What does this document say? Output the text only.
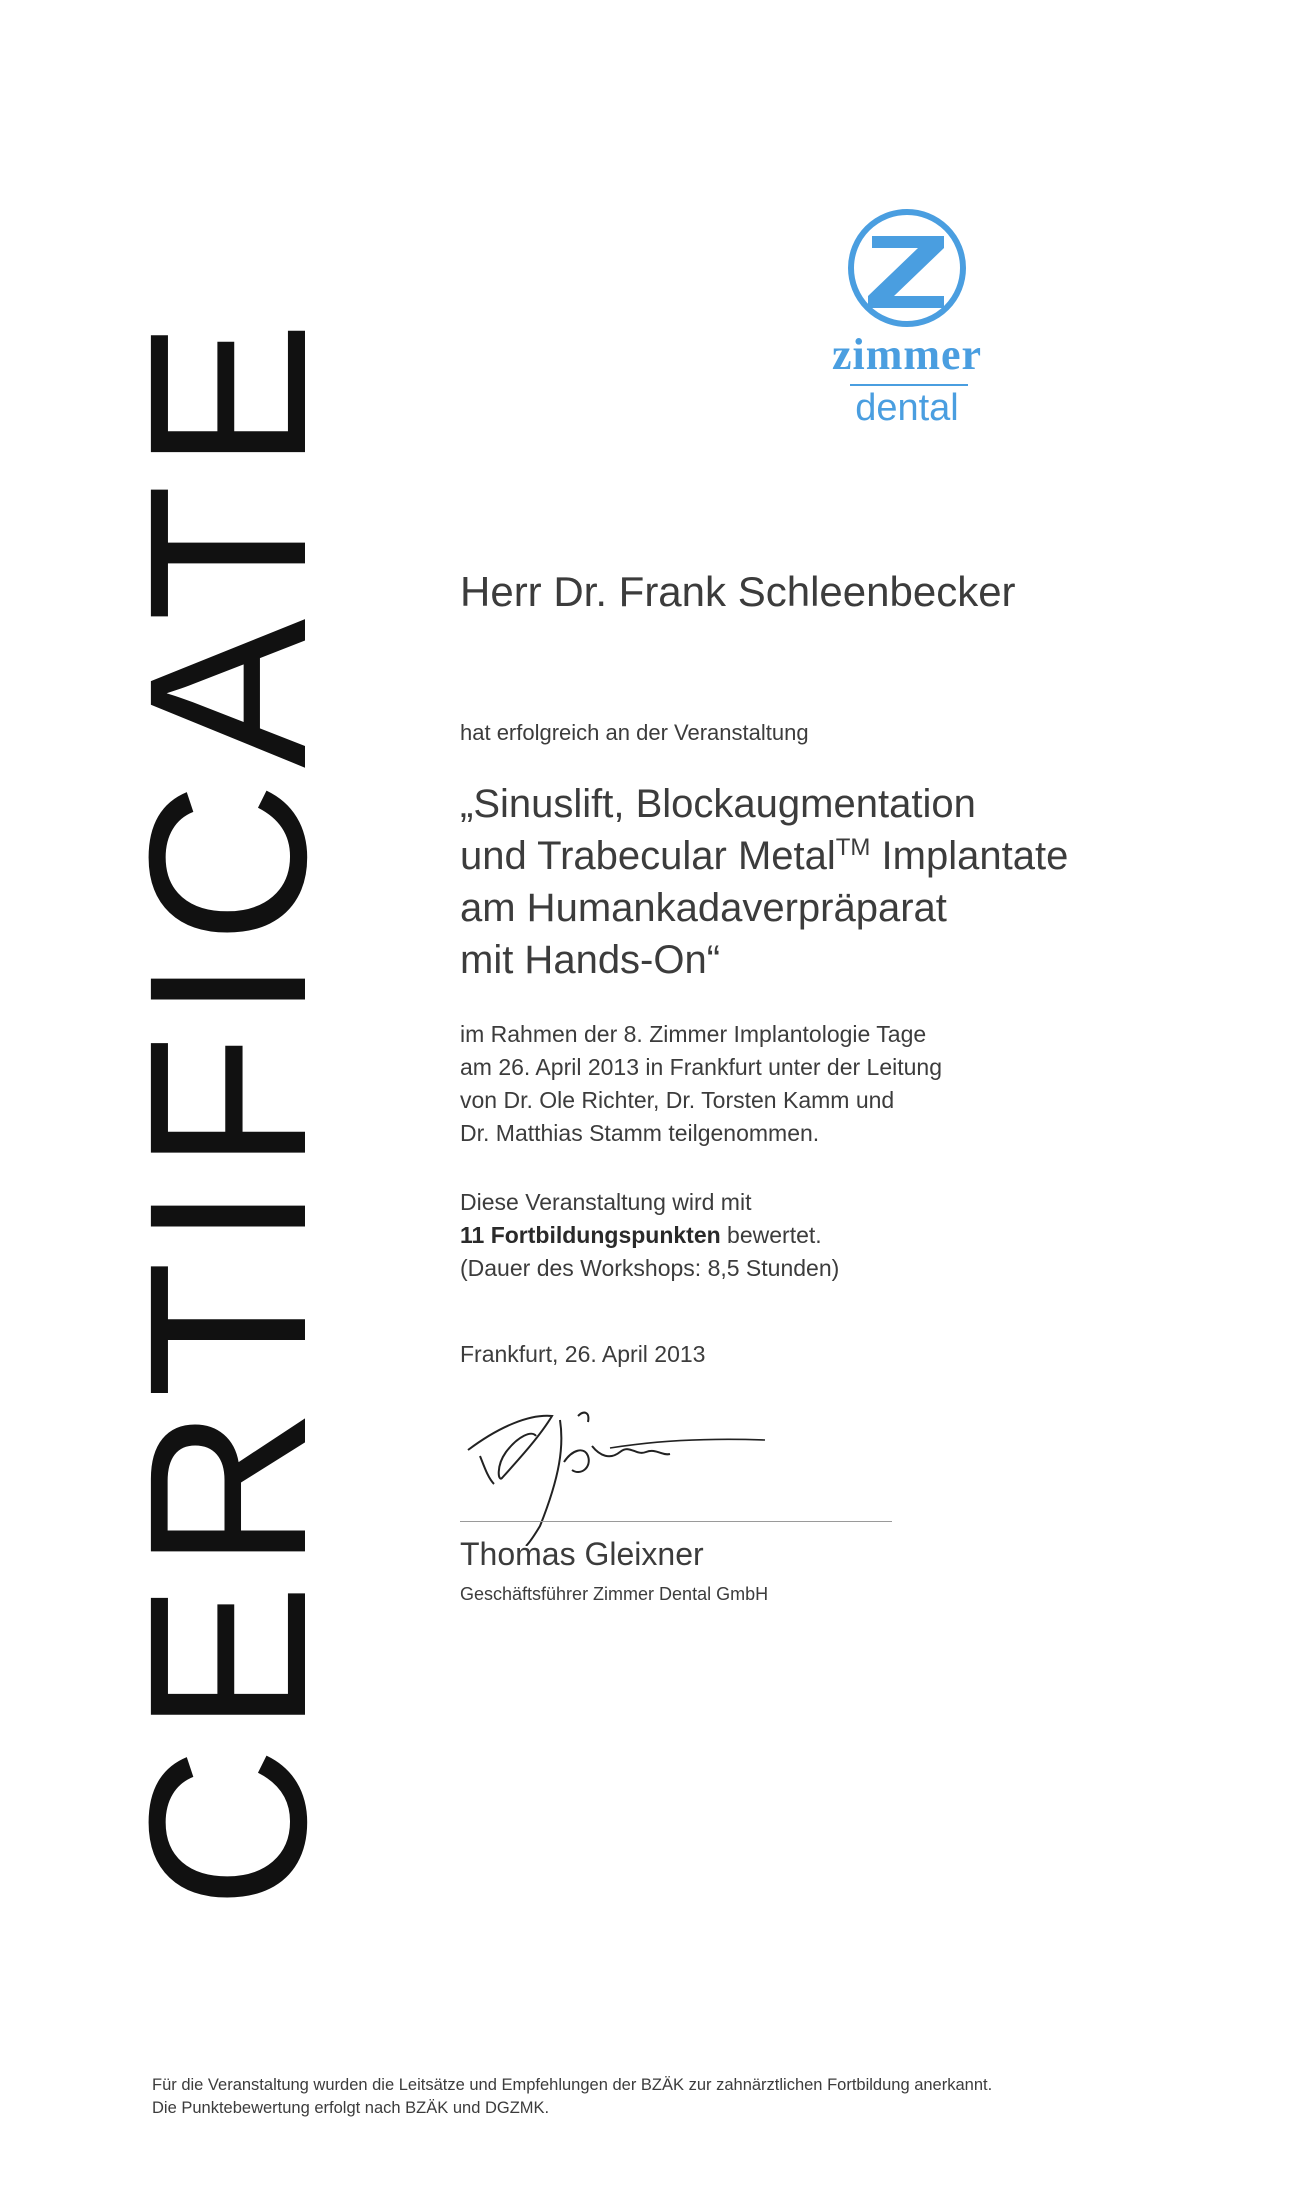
CERTIFICATE	zimmer
dental
Herr Dr. Frank Schleenbecker
hat erfolgreich an der Veranstaltung
„Sinuslift, Blockaugmentation
und Trabecular Metal™ Implantate
am Humankadaverpräparat
mit Hands-On“
im Rahmen der 8. Zimmer Implantologie Tage
am 26. April 2013 in Frankfurt unter der Leitung
von Dr. Ole Richter, Dr. Torsten Kamm und
Dr. Matthias Stamm teilgenommen.
Diese Veranstaltung wird mit
11 Fortbildungspunkten bewertet.
(Dauer des Workshops: 8,5 Stunden)
Frankfurt, 26. April 2013
Thomas Gleixner
Geschäftsführer Zimmer Dental GmbH
Für die Veranstaltung wurden die Leitsätze und Empfehlungen der BZÄK zur zahnärztlichen Fortbildung anerkannt.
Die Punktebewertung erfolgt nach BZÄK und DGZMK.
